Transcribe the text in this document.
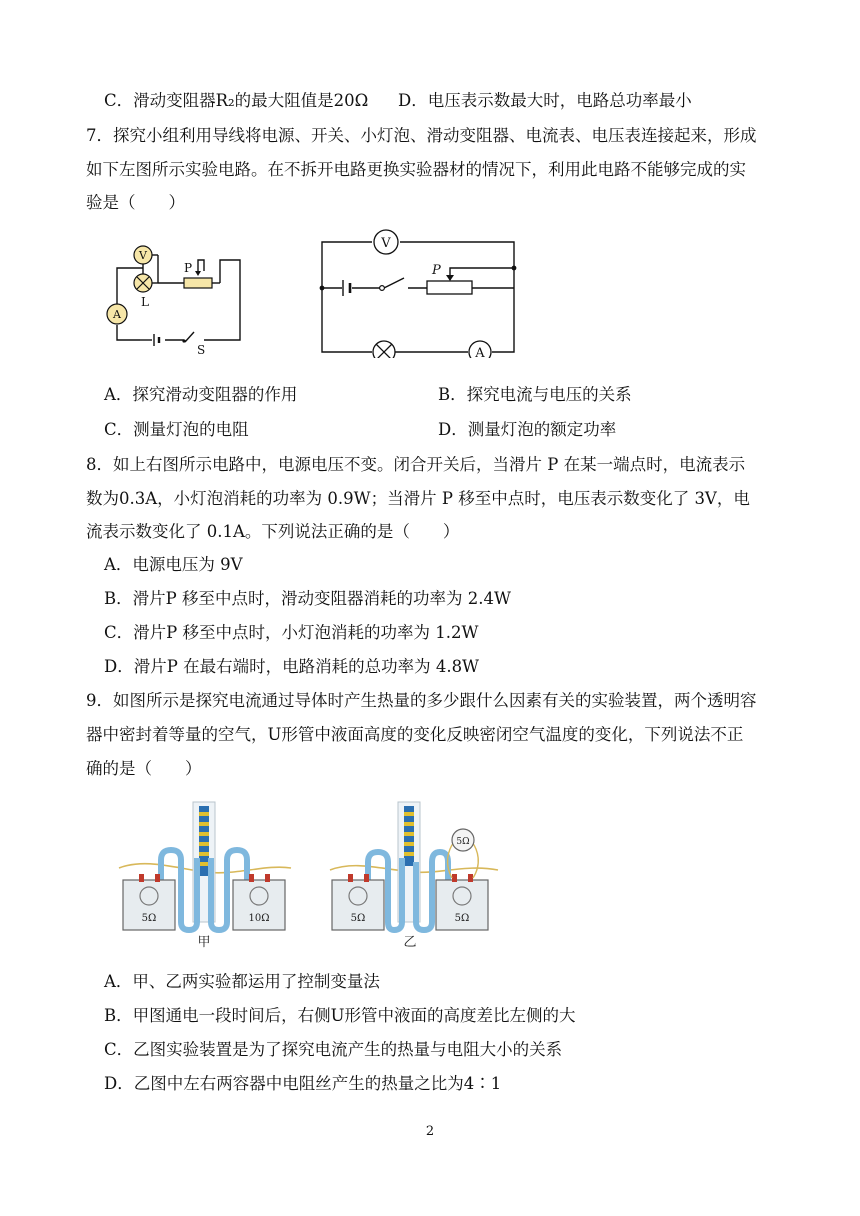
C．滑动变阻器R₂的最大阻值是20Ω D．电压表示数最大时，电路总功率最小
7．探究小组利用导线将电源、开关、小灯泡、滑动变阻器、电流表、电压表连接起来，形成
如下左图所示实验电路。在不拆开电路更换实验器材的情况下，利用此电路不能够完成的实
验是（　　）
V
L
A
P
S
V
P
A
A．探究滑动变阻器的作用	B．探究电流与电压的关系
C．测量灯泡的电阻	D．测量灯泡的额定功率
8．如上右图所示电路中，电源电压不变。闭合开关后，当滑片 P 在某一端点时，电流表示
数为0.3A，小灯泡消耗的功率为 0.9W；当滑片 P 移至中点时，电压表示数变化了 3V，电
流表示数变化了 0.1A。下列说法正确的是（　　）
A．电源电压为 9V
B．滑片P 移至中点时，滑动变阻器消耗的功率为 2.4W
C．滑片P 移至中点时，小灯泡消耗的功率为 1.2W
D．滑片P 在最右端时，电路消耗的总功率为 4.8W
9．如图所示是探究电流通过导体时产生热量的多少跟什么因素有关的实验装置，两个透明容
器中密封着等量的空气，U形管中液面高度的变化反映密闭空气温度的变化，下列说法不正
确的是（　　）
5Ω	10Ω
甲
5Ω	5Ω
5Ω
乙
A．甲、乙两实验都运用了控制变量法
B．甲图通电一段时间后，右侧U形管中液面的高度差比左侧的大
C．乙图实验装置是为了探究电流产生的热量与电阻大小的关系
D．乙图中左右两容器中电阻丝产生的热量之比为4∶1
2
